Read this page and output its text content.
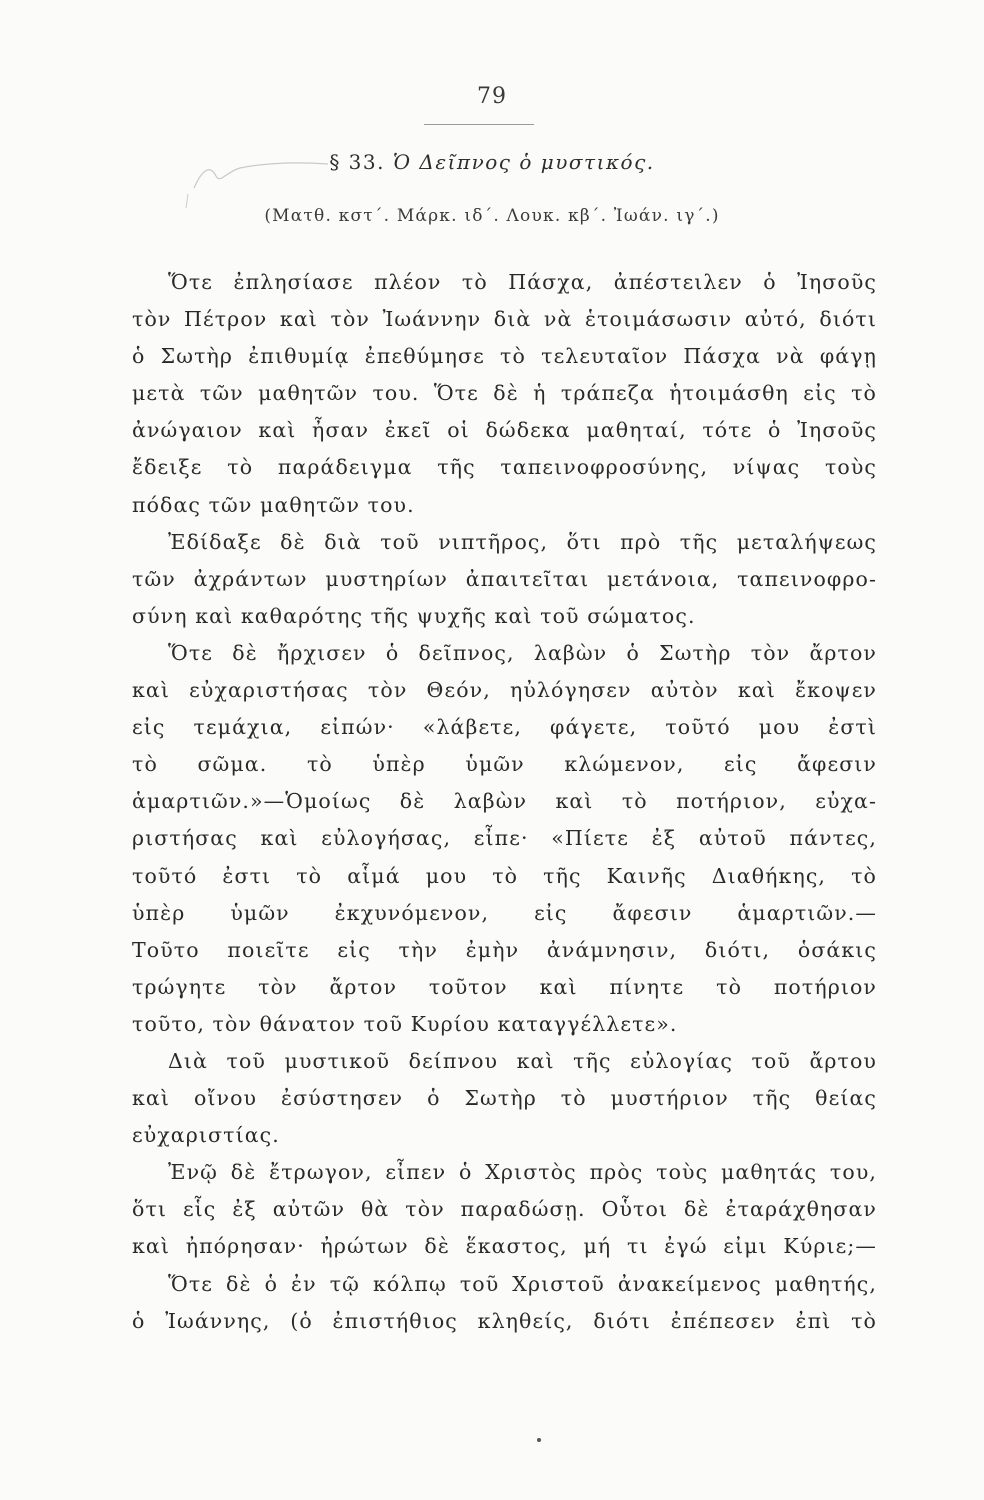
79
§ 33. Ὁ Δεῖπνος ὁ μυστικός.
(Ματθ. κστ΄. Μάρκ. ιδ΄. Λουκ. κβ΄. Ἰωάν. ιγ΄.)
Ὅτε ἐπλησίασε πλέον τὸ Πάσχα, ἀπέστειλεν ὁ Ἰησοῦς
τὸν Πέτρον καὶ τὸν Ἰωάννην διὰ νὰ ἑτοιμάσωσιν αὐτό, διότι
ὁ Σωτὴρ ἐπιθυμίᾳ ἐπεθύμησε τὸ τελευταῖον Πάσχα νὰ φάγῃ
μετὰ τῶν μαθητῶν του. Ὅτε δὲ ἡ τράπεζα ἡτοιμάσθη εἰς τὸ
ἀνώγαιον καὶ ἦσαν ἐκεῖ οἱ δώδεκα μαθηταί, τότε ὁ Ἰησοῦς
ἔδειξε τὸ παράδειγμα τῆς ταπεινοφροσύνης, νίψας τοὺς
πόδας τῶν μαθητῶν του.
Ἐδίδαξε δὲ διὰ τοῦ νιπτῆρος, ὅτι πρὸ τῆς μεταλήψεως
τῶν ἀχράντων μυστηρίων ἀπαιτεῖται μετάνοια, ταπεινοφρο-
σύνη καὶ καθαρότης τῆς ψυχῆς καὶ τοῦ σώματος.
Ὅτε δὲ ἤρχισεν ὁ δεῖπνος, λαβὼν ὁ Σωτὴρ τὸν ἄρτον
καὶ εὐχαριστήσας τὸν Θεόν, ηὐλόγησεν αὐτὸν καὶ ἔκοψεν
εἰς τεμάχια, εἰπών· «λάβετε, φάγετε, τοῦτό μου ἐστὶ
τὸ σῶμα. τὸ ὑπὲρ ὑμῶν κλώμενον, εἰς ἄφεσιν
ἁμαρτιῶν.»—Ὁμοίως δὲ λαβὼν καὶ τὸ ποτήριον, εὐχα-
ριστήσας καὶ εὐλογήσας, εἶπε· «Πίετε ἐξ αὐτοῦ πάντες,
τοῦτό ἐστι τὸ αἷμά μου τὸ τῆς Καινῆς Διαθήκης, τὸ
ὑπὲρ ὑμῶν ἐκχυνόμενον, εἰς ἄφεσιν ἁμαρτιῶν.—
Τοῦτο ποιεῖτε εἰς τὴν ἐμὴν ἀνάμνησιν, διότι, ὁσάκις
τρώγητε τὸν ἄρτον τοῦτον καὶ πίνητε τὸ ποτήριον
τοῦτο, τὸν θάνατον τοῦ Κυρίου καταγγέλλετε».
Διὰ τοῦ μυστικοῦ δείπνου καὶ τῆς εὐλογίας τοῦ ἄρτου
καὶ οἴνου ἐσύστησεν ὁ Σωτὴρ τὸ μυστήριον τῆς θείας
εὐχαριστίας.
Ἐνῷ δὲ ἔτρωγον, εἶπεν ὁ Χριστὸς πρὸς τοὺς μαθητάς του,
ὅτι εἷς ἐξ αὐτῶν θὰ τὸν παραδώσῃ. Οὗτοι δὲ ἐταράχθησαν
καὶ ἠπόρησαν· ἠρώτων δὲ ἕκαστος, μή τι ἐγώ εἰμι Κύριε;—
Ὅτε δὲ ὁ ἐν τῷ κόλπῳ τοῦ Χριστοῦ ἀνακείμενος μαθητής,
ὁ Ἰωάννης, (ὁ ἐπιστήθιος κληθείς, διότι ἐπέπεσεν ἐπὶ τὸ
